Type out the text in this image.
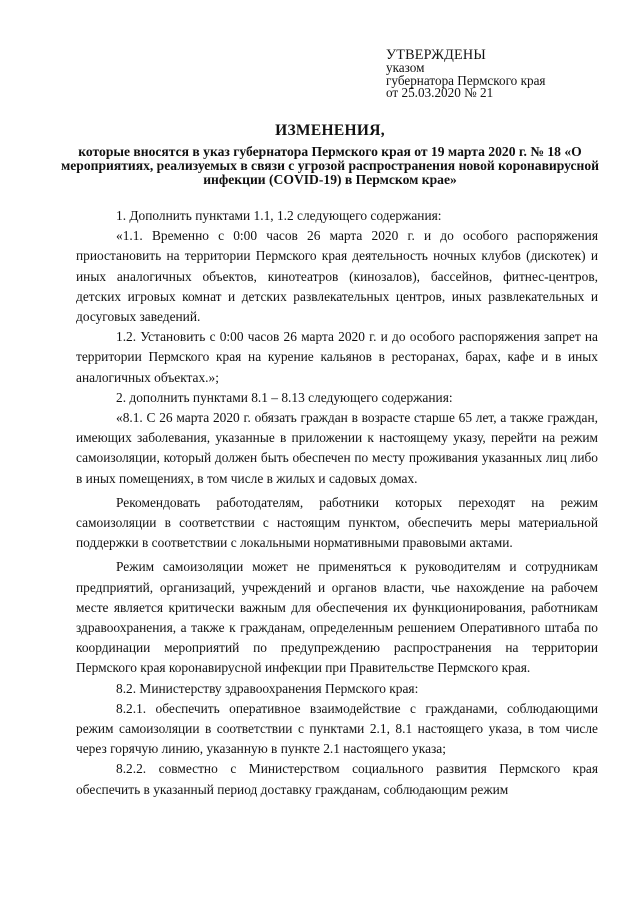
УТВЕРЖДЕНЫ
указом
губернатора Пермского края
от 25.03.2020 № 21
ИЗМЕНЕНИЯ,
которые вносятся в указ губернатора Пермского края от 19 марта 2020 г. № 18 «О мероприятиях, реализуемых в связи с угрозой распространения новой коронавирусной инфекции (COVID-19) в Пермском крае»

1. Дополнить пунктами 1.1, 1.2 следующего содержания:

«1.1. Временно с 0:00 часов 26 марта 2020 г. и до особого распоряжения приостановить на территории Пермского края деятельность ночных клубов (дискотек) и иных аналогичных объектов, кинотеатров (кинозалов), бассейнов, фитнес-центров, детских игровых комнат и детских развлекательных центров, иных развлекательных и досуговых заведений.

1.2. Установить с 0:00 часов 26 марта 2020 г. и до особого распоряжения запрет на территории Пермского края на курение кальянов в ресторанах, барах, кафе и в иных аналогичных объектах.»;

2. дополнить пунктами 8.1 – 8.13 следующего содержания:

«8.1. С 26 марта 2020 г. обязать граждан в возрасте старше 65 лет, а также граждан, имеющих заболевания, указанные в приложении к настоящему указу, перейти на режим самоизоляции, который должен быть обеспечен по месту проживания указанных лиц либо в иных помещениях, в том числе в жилых и садовых домах.

Рекомендовать работодателям, работники которых переходят на режим самоизоляции в соответствии с настоящим пунктом, обеспечить меры материальной поддержки в соответствии с локальными нормативными правовыми актами.

Режим самоизоляции может не применяться к руководителям и сотрудникам предприятий, организаций, учреждений и органов власти, чье нахождение на рабочем месте является критически важным для обеспечения их функционирования, работникам здравоохранения, а также к гражданам, определенным решением Оперативного штаба по координации мероприятий по предупреждению распространения на территории Пермского края коронавирусной инфекции при Правительстве Пермского края.

8.2. Министерству здравоохранения Пермского края:

8.2.1. обеспечить оперативное взаимодействие с гражданами, соблюдающими режим самоизоляции в соответствии с пунктами 2.1, 8.1 настоящего указа, в том числе через горячую линию, указанную в пункте 2.1 настоящего указа;

8.2.2. совместно с Министерством социального развития Пермского края обеспечить в указанный период доставку гражданам, соблюдающим режим
